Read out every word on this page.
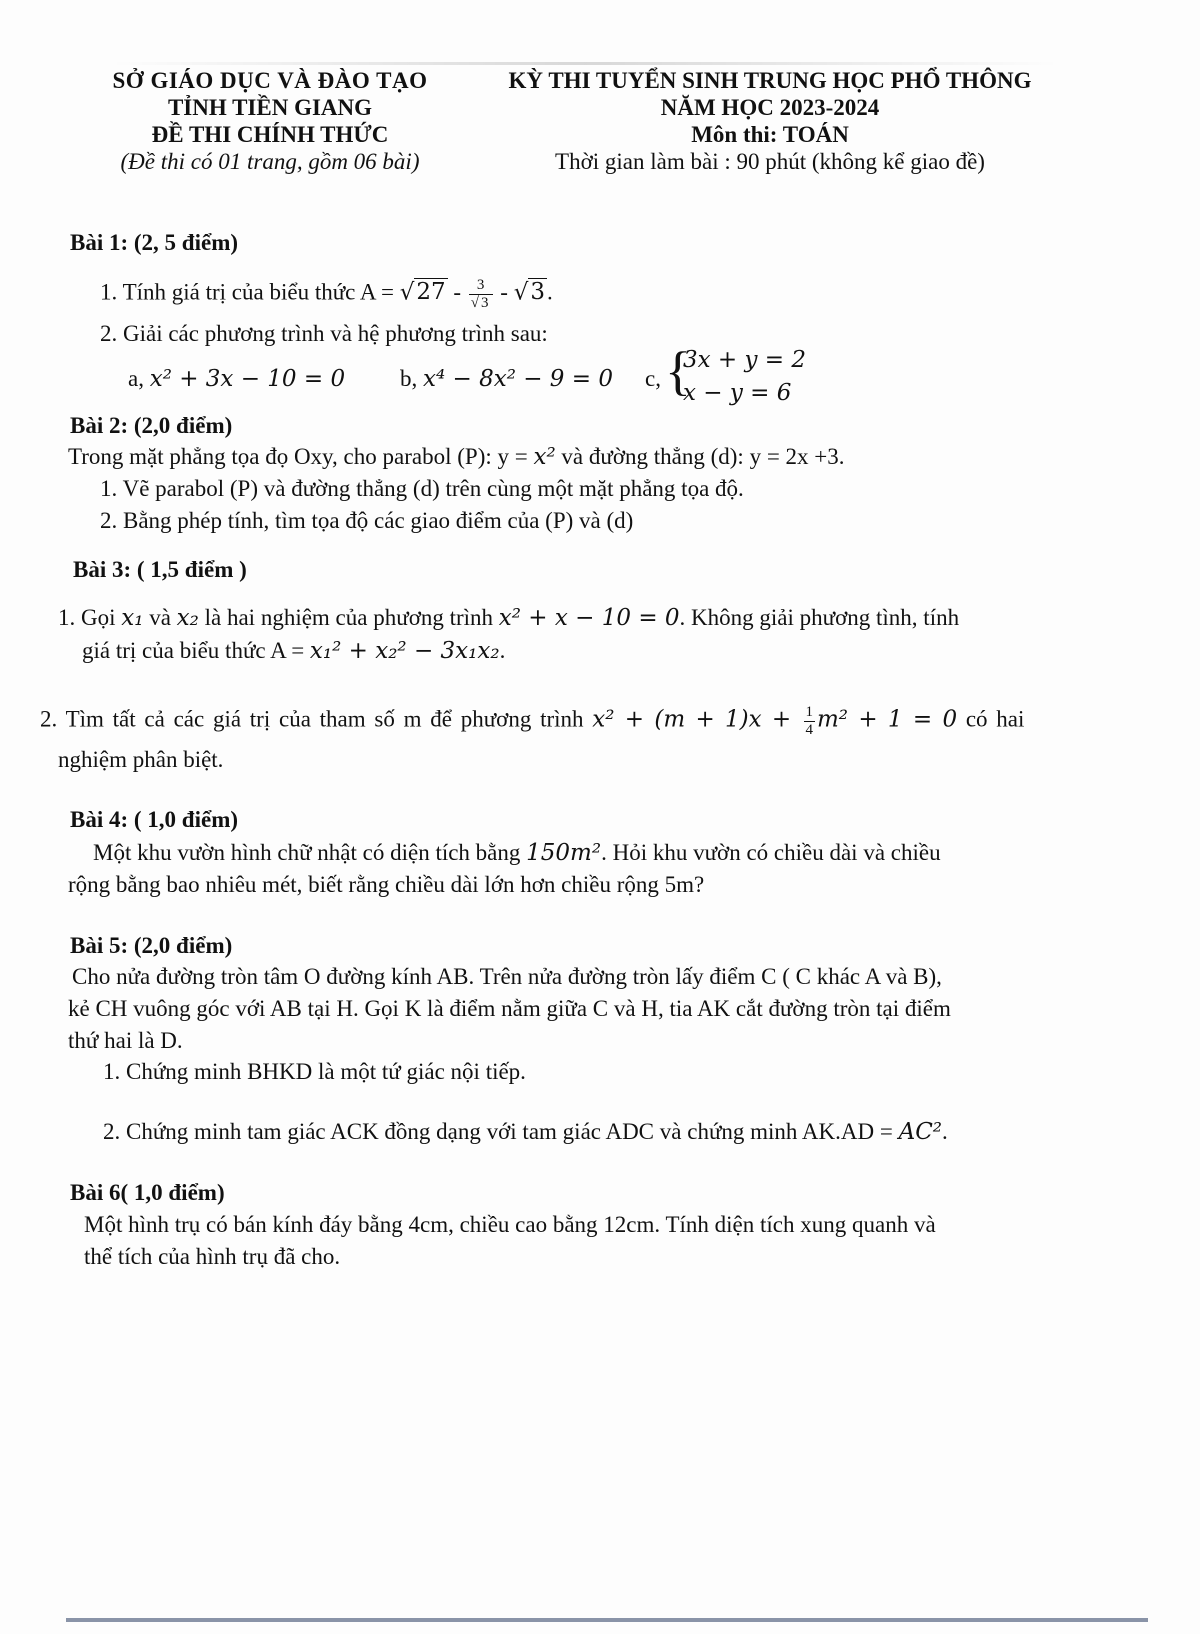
SỞ GIÁO DỤC VÀ ĐÀO TẠO
TỈNH TIỀN GIANG
ĐỀ THI CHÍNH THỨC
(Đề thi có 01 trang, gồm 06 bài)
KỲ THI TUYỂN SINH TRUNG HỌC PHỔ THÔNG
NĂM HỌC 2023-2024
Môn thi: TOÁN
Thời gian làm bài : 90 phút (không kể giao đề)
Bài 1: (2, 5 điểm)
1. Tính giá trị của biểu thức $A = √27 - \frac{3}{√ 3} - √3$.
2. Giải các phương trình và hệ phương trình sau:
a, x² + 3x − 10 = 0 b, x⁴ − 8x² − 9 = 0 c, {
3x + y = 2
x − y = 6
Bài 2: (2,0 điểm)
Trong mặt phẳng tọa đọ Oxy, cho parabol (P): y = x² và đường thẳng (d): y = 2x +3.
1. Vẽ parabol (P) và đường thẳng (d) trên cùng một mặt phẳng tọa độ.
2. Bằng phép tính, tìm tọa độ các giao điểm của (P) và (d)
Bài 3: ( 1,5 điểm )
1. Gọi x₁ và x₂ là hai nghiệm của phương trình x² + x − 10 = 0. Không giải phương tình, tính
giá trị của biểu thức A = x₁² + x₂² − 3x₁x₂.
2. Tìm tất cả các giá trị của tham số m để phương trình $x^2 + (m + 1)x + \frac{1}{4} m^2 + 1 = 0$ có hai
nghiệm phân biệt.
Bài 4: ( 1,0 điểm)
Một khu vườn hình chữ nhật có diện tích bằng 150m². Hỏi khu vườn có chiều dài và chiều
rộng bằng bao nhiêu mét, biết rằng chiều dài lớn hơn chiều rộng 5m?
Bài 5: (2,0 điểm)
Cho nửa đường tròn tâm O đường kính AB. Trên nửa đường tròn lấy điểm C ( C khác A và B),
kẻ CH vuông góc với AB tại H. Gọi K là điểm nằm giữa C và H, tia AK cắt đường tròn tại điểm
thứ hai là D.
1. Chứng minh BHKD là một tứ giác nội tiếp.
2. Chứng minh tam giác ACK đồng dạng với tam giác ADC và chứng minh AK.AD = AC².
Bài 6( 1,0 điểm)
Một hình trụ có bán kính đáy bằng 4cm, chiều cao bằng 12cm. Tính diện tích xung quanh và
thể tích của hình trụ đã cho.
